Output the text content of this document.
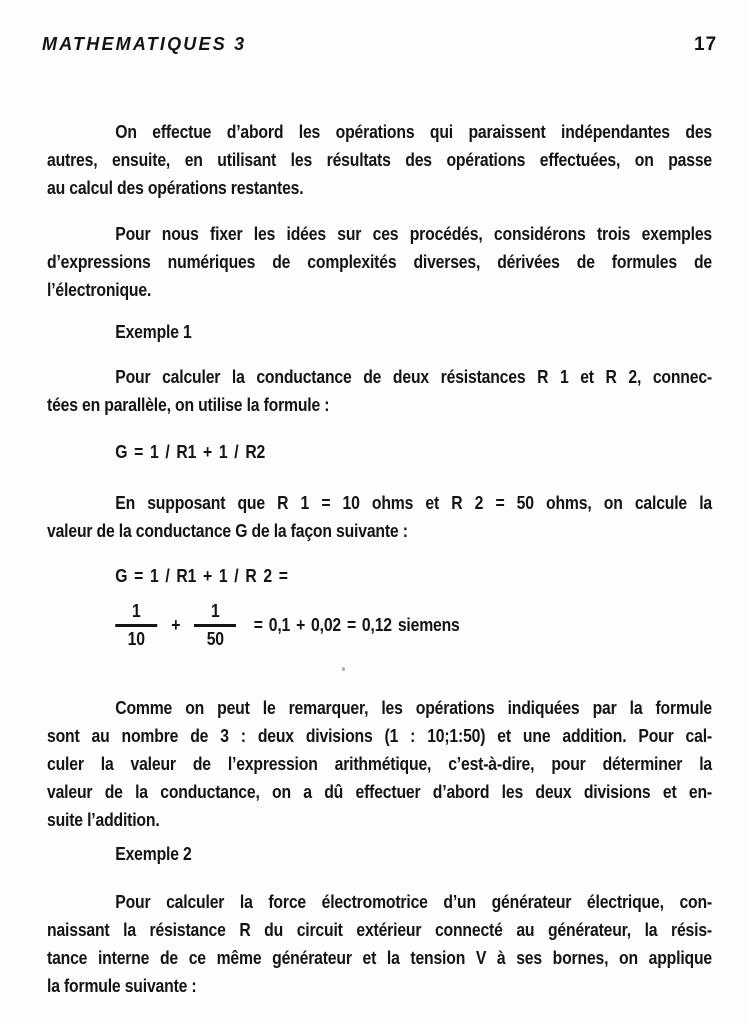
MATHEMATIQUES 3	17
On effectue d’abord les opérations qui paraissent indépendantes des
autres, ensuite, en utilisant les résultats des opérations effectuées, on passe
au calcul des opérations restantes.
Pour nous fixer les idées sur ces procédés, considérons trois exemples
d’expressions numériques de complexités diverses, dérivées de formules de
l’électronique.
Exemple 1
Pour calculer la conductance de deux résistances R 1 et R 2, connec-
tées en parallèle, on utilise la formule :
G = 1 / R1 + 1 / R2
En supposant que R 1 = 10 ohms et R 2 = 50 ohms, on calcule la
valeur de la conductance G de la façon suivante :
G = 1 / R1 + 1 / R 2 =
$\frac{1}{10} + \frac{1}{50} = 0,1 + 0,02 = 0,12$ siemens
Comme on peut le remarquer, les opérations indiquées par la formule
sont au nombre de 3 : deux divisions (1 : 10;1:50) et une addition. Pour cal-
culer la valeur de l’expression arithmétique, c’est-à-dire, pour déterminer la
valeur de la conductance, on a dû effectuer d’abord les deux divisions et en-
suite l’addition.
Exemple 2
Pour calculer la force électromotrice d’un générateur électrique, con-
naissant la résistance R du circuit extérieur connecté au générateur, la résis-
tance interne de ce même générateur et la tension V à ses bornes, on applique
la formule suivante :
